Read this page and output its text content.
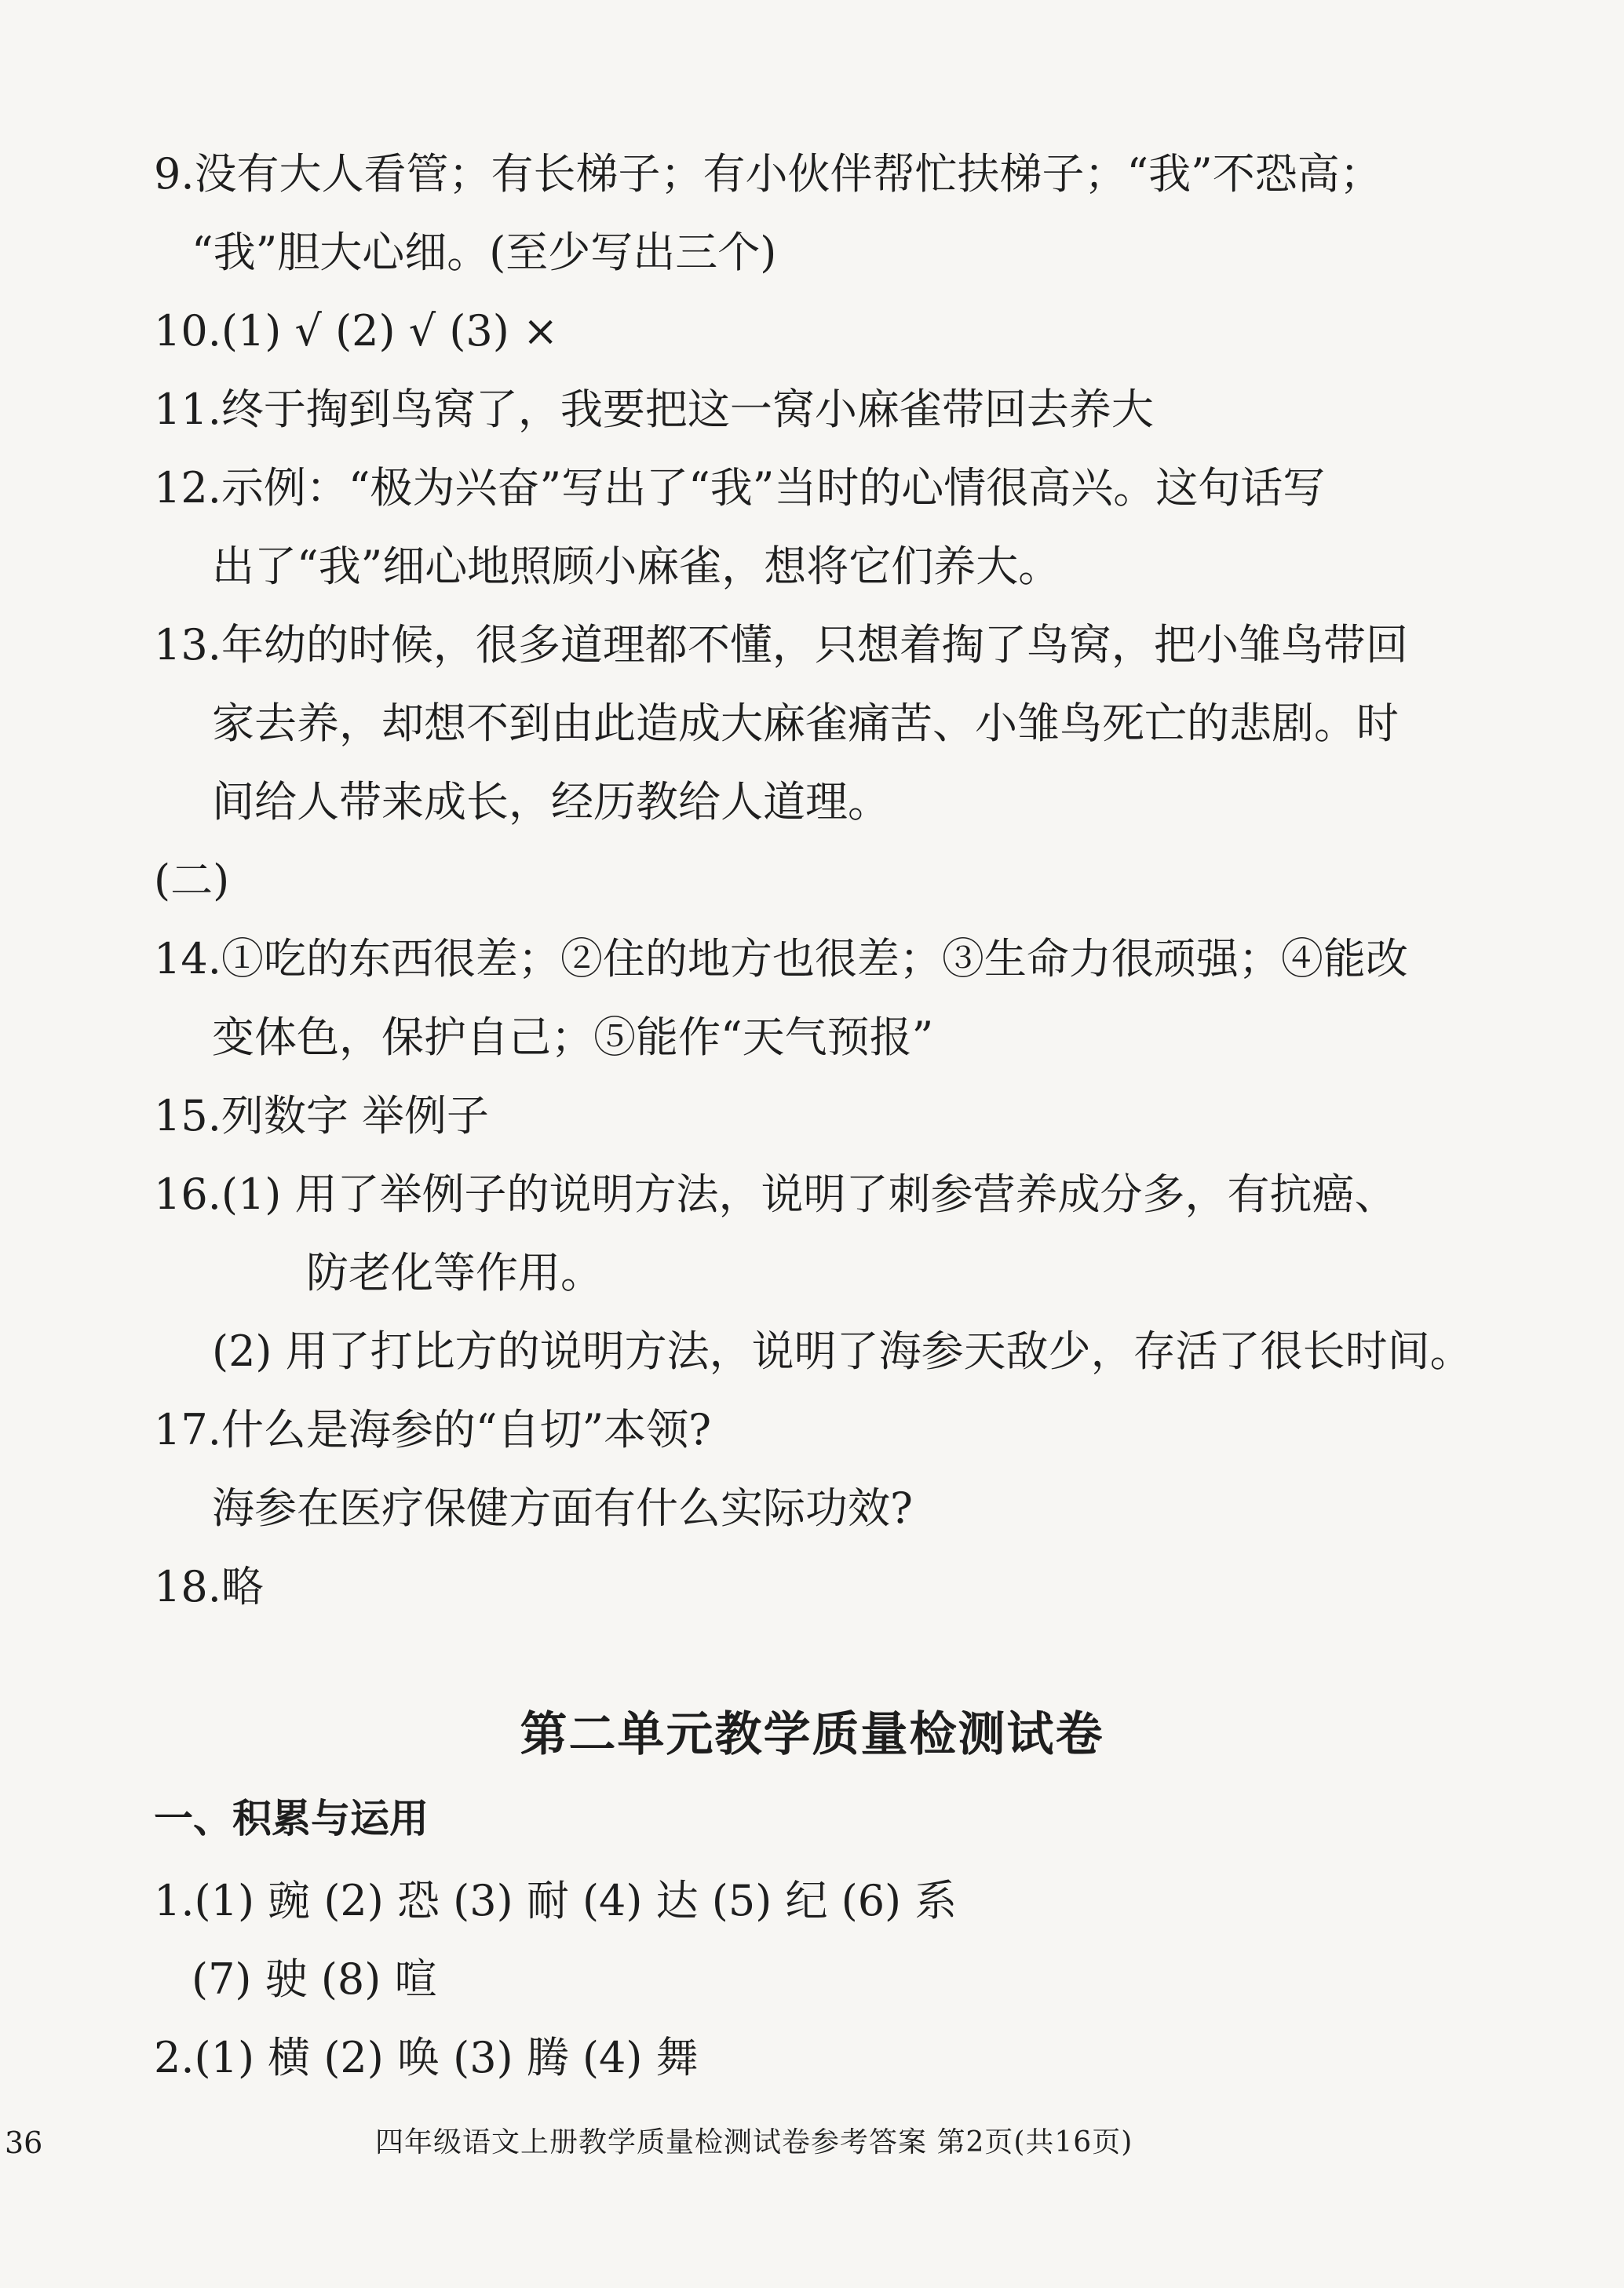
9.没有大人看管；有长梯子；有小伙伴帮忙扶梯子；“我”不恐高；
“我”胆大心细。(至少写出三个)
10.(1) √ (2) √ (3) ×
11.终于掏到鸟窝了，我要把这一窝小麻雀带回去养大
12.示例：“极为兴奋”写出了“我”当时的心情很高兴。这句话写
出了“我”细心地照顾小麻雀，想将它们养大。
13.年幼的时候，很多道理都不懂，只想着掏了鸟窝，把小雏鸟带回
家去养，却想不到由此造成大麻雀痛苦、小雏鸟死亡的悲剧。时
间给人带来成长，经历教给人道理。
(二)
14.①吃的东西很差；②住的地方也很差；③生命力很顽强；④能改
变体色，保护自己；⑤能作“天气预报”
15.列数字 举例子
16.(1) 用了举例子的说明方法，说明了刺参营养成分多，有抗癌、
防老化等作用。
(2) 用了打比方的说明方法，说明了海参天敌少，存活了很长时间。
17.什么是海参的“自切”本领?
海参在医疗保健方面有什么实际功效?
18.略
第二单元教学质量检测试卷
一、积累与运用
1.(1) 豌 (2) 恐 (3) 耐 (4) 达 (5) 纪 (6) 系
(7) 驶 (8) 喧
2.(1) 横 (2) 唤 (3) 腾 (4) 舞
36	四年级语文上册教学质量检测试卷参考答案 第2页(共16页)
